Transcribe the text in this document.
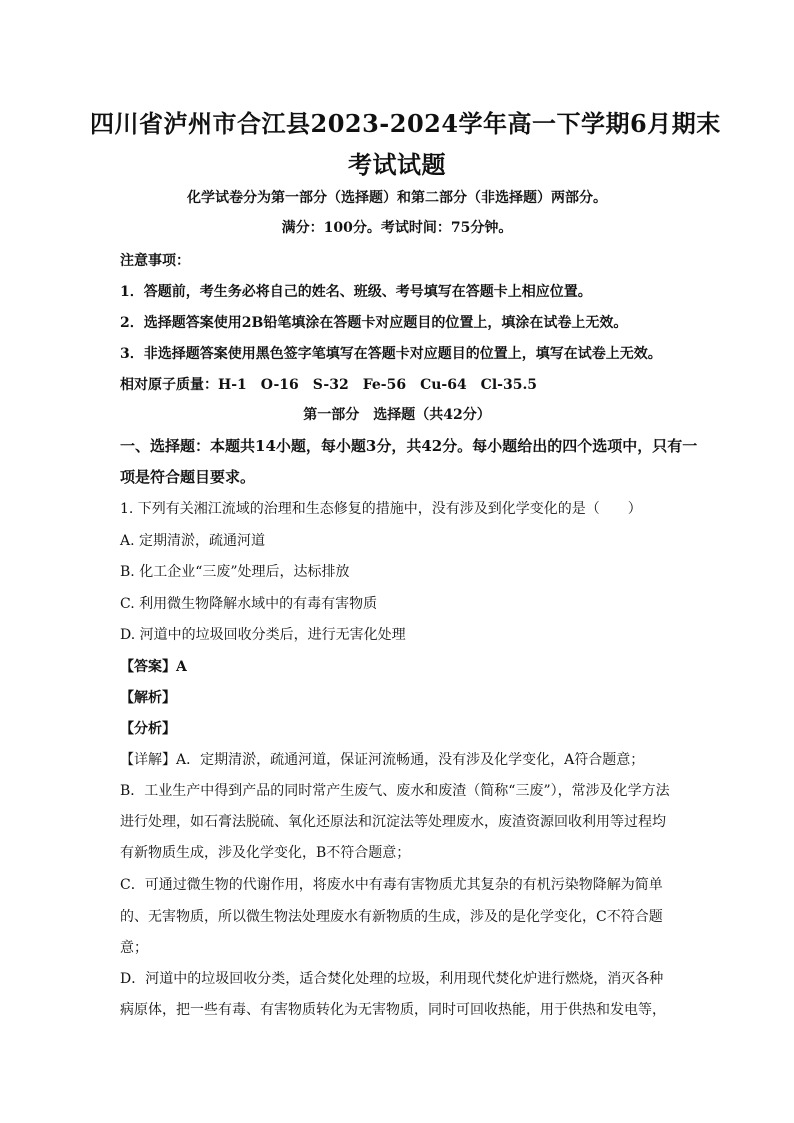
四川省泸州市合江县2023-2024学年高一下学期6月期末
考试试题
化学试卷分为第一部分（选择题）和第二部分（非选择题）两部分。
满分：100分。考试时间：75分钟。
注意事项：
1．答题前，考生务必将自己的姓名、班级、考号填写在答题卡上相应位置。
2．选择题答案使用2B铅笔填涂在答题卡对应题目的位置上，填涂在试卷上无效。
3．非选择题答案使用黑色签字笔填写在答题卡对应题目的位置上，填写在试卷上无效。
相对原子质量：H-1　O-16　S-32　Fe-56　Cu-64　Cl-35.5
第一部分　选择题（共42分）
一、选择题：本题共14小题，每小题3分，共42分。每小题给出的四个选项中，只有一
项是符合题目要求。
1. 下列有关湘江流域的治理和生态修复的措施中，没有涉及到化学变化的是（　　）
A. 定期清淤，疏通河道
B. 化工企业“三废”处理后，达标排放
C. 利用微生物降解水域中的有毒有害物质
D. 河道中的垃圾回收分类后，进行无害化处理
【答案】A
【解析】
【分析】
【详解】A．定期清淤，疏通河道，保证河流畅通，没有涉及化学变化，A符合题意；
B．工业生产中得到产品的同时常产生废气、废水和废渣（简称“三废”），常涉及化学方法
进行处理，如石膏法脱硫、氧化还原法和沉淀法等处理废水，废渣资源回收利用等过程均
有新物质生成，涉及化学变化，B不符合题意；
C．可通过微生物的代谢作用，将废水中有毒有害物质尤其复杂的有机污染物降解为简单
的、无害物质，所以微生物法处理废水有新物质的生成，涉及的是化学变化，C不符合题
意；
D．河道中的垃圾回收分类，适合焚化处理的垃圾，利用现代焚化炉进行燃烧，消灭各种
病原体，把一些有毒、有害物质转化为无害物质，同时可回收热能，用于供热和发电等，
